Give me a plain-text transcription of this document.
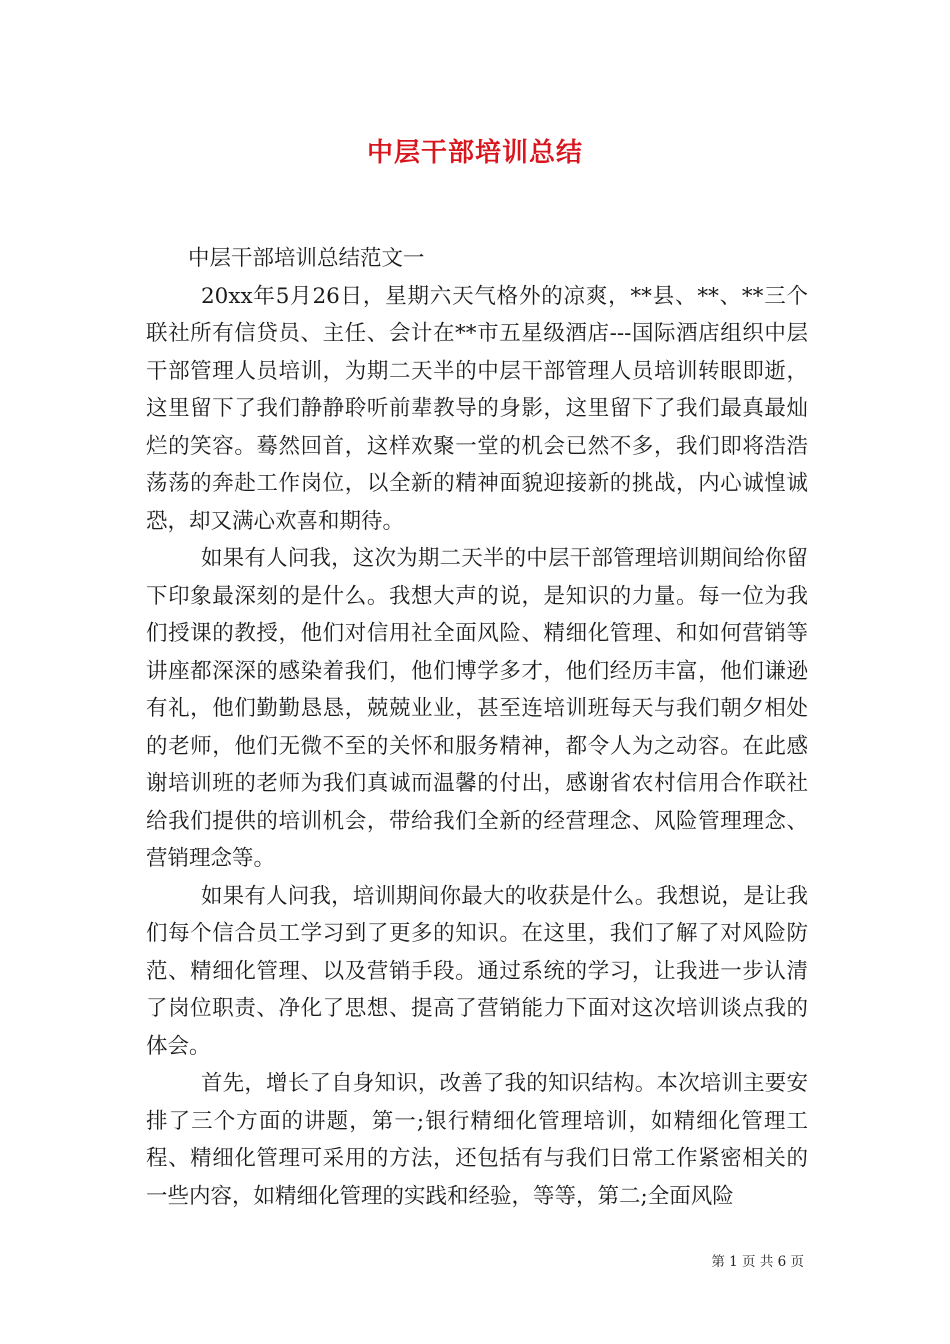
中层干部培训总结

中层干部培训总结范文一

20xx年5月26日，星期六天气格外的凉爽，**县、**、**三个联社所有信贷员、主任、会计在**市五星级酒店---国际酒店组织中层干部管理人员培训，为期二天半的中层干部管理人员培训转眼即逝，这里留下了我们静静聆听前辈教导的身影，这里留下了我们最真最灿烂的笑容。蓦然回首，这样欢聚一堂的机会已然不多，我们即将浩浩荡荡的奔赴工作岗位，以全新的精神面貌迎接新的挑战，内心诚惶诚恐，却又满心欢喜和期待。

如果有人问我，这次为期二天半的中层干部管理培训期间给你留下印象最深刻的是什么。我想大声的说，是知识的力量。每一位为我们授课的教授，他们对信用社全面风险、精细化管理、和如何营销等讲座都深深的感染着我们，他们博学多才，他们经历丰富，他们谦逊有礼，他们勤勤恳恳，兢兢业业，甚至连培训班每天与我们朝夕相处的老师，他们无微不至的关怀和服务精神，都令人为之动容。在此感谢培训班的老师为我们真诚而温馨的付出，感谢省农村信用合作联社给我们提供的培训机会，带给我们全新的经营理念、风险管理理念、营销理念等。

如果有人问我，培训期间你最大的收获是什么。我想说，是让我们每个信合员工学习到了更多的知识。在这里，我们了解了对风险防范、精细化管理、以及营销手段。通过系统的学习，让我进一步认清了岗位职责、净化了思想、提高了营销能力下面对这次培训谈点我的体会。

首先，增长了自身知识，改善了我的知识结构。本次培训主要安排了三个方面的讲题，第一;银行精细化管理培训，如精细化管理工程、精细化管理可采用的方法，还包括有与我们日常工作紧密相关的一些内容，如精细化管理的实践和经验，等等，第二;全面风险

第 1 页 共 6 页
